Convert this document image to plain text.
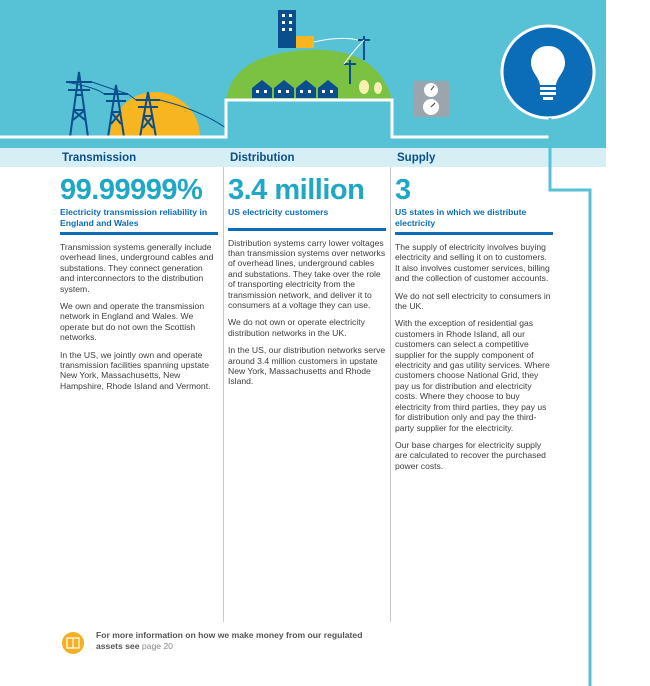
Transmission
99.99999%
Electricity transmission reliability in England and Wales

Transmission systems generally include overhead lines, underground cables and substations. They connect generation and interconnectors to the distribution system.

We own and operate the transmission network in England and Wales. We operate but do not own the Scottish networks.

In the US, we jointly own and operate transmission facilities spanning upstate New York, Massachusetts, New Hampshire, Rhode Island and Vermont.

Distribution
3.4 million
US electricity customers

Distribution systems carry lower voltages than transmission systems over networks of overhead lines, underground cables and substations. They take over the role of transporting electricity from the transmission network, and deliver it to consumers at a voltage they can use.

We do not own or operate electricity distribution networks in the UK.

In the US, our distribution networks serve around 3.4 million customers in upstate New York, Massachusetts and Rhode Island.

Supply
3
US states in which we distribute electricity

The supply of electricity involves buying electricity and selling it on to customers. It also involves customer services, billing and the collection of customer accounts.

We do not sell electricity to consumers in the UK.

With the exception of residential gas customers in Rhode Island, all our customers can select a competitive supplier for the supply component of electricity and gas utility services. Where customers choose National Grid, they pay us for distribution and electricity costs. Where they choose to buy electricity from third parties, they pay us for distribution only and pay the third-party supplier for the electricity.

Our base charges for electricity supply are calculated to recover the purchased power costs.

For more information on how we make money from our regulated assets see page 20
